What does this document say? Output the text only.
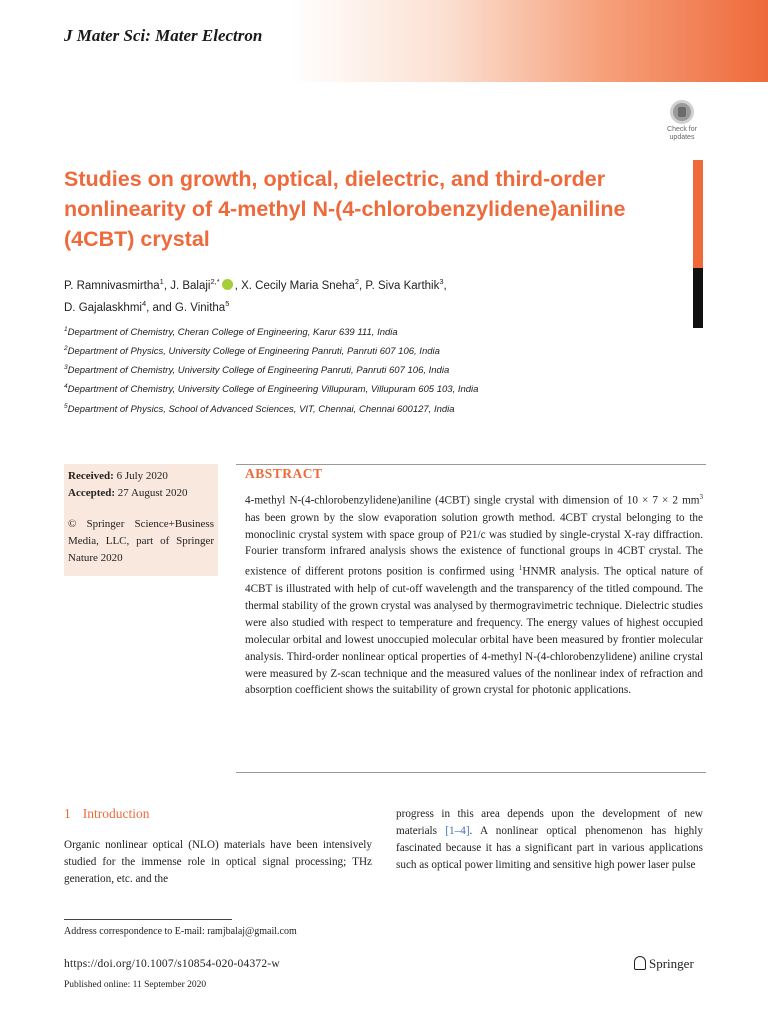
J Mater Sci: Mater Electron
Check for
updates
Studies on growth, optical, dielectric, and third-order nonlinearity of 4-methyl N-(4-chlorobenzylidene)aniline (4CBT) crystal
P. Ramnivasmirtha$^1$, J. Balaji$^{2,*}$ , X. Cecily Maria Sneha$^2$, P. Siva Karthik$^3$,
D. Gajalaskhmi$^4$, and G. Vinitha$^5$
$^1$Department of Chemistry, Cheran College of Engineering, Karur 639 111, India
$^2$Department of Physics, University College of Engineering Panruti, Panruti 607 106, India
$^3$Department of Chemistry, University College of Engineering Panruti, Panruti 607 106, India
$^4$Department of Chemistry, University College of Engineering Villupuram, Villupuram 605 103, India
$^5$Department of Physics, School of Advanced Sciences, VIT, Chennai, Chennai 600127, India
Received: 6 July 2020
Accepted: 27 August 2020
© Springer Science+Business Media, LLC, part of Springer Nature 2020
ABSTRACT
4-methyl N-(4-chlorobenzylidene)aniline (4CBT) single crystal with dimension of 10 × 7 × 2 $mm^3$ has been grown by the slow evaporation solution growth method. 4CBT crystal belonging to the monoclinic crystal system with space group of P21/c was studied by single-crystal X-ray diffraction. Fourier transform infrared analysis shows the existence of functional groups in 4CBT crystal. The existence of different protons position is confirmed using $^1$HNMR analysis. The optical nature of 4CBT is illustrated with help of cut-off wavelength and the transparency of the titled compound. The thermal stability of the grown crystal was analysed by thermogravimetric technique. Dielectric studies were also studied with respect to temperature and frequency. The energy values of highest occupied molecular orbital and lowest unoccupied molecular orbital have been measured by frontier molecular analysis. Third-order nonlinear optical properties of 4-methyl N-(4-chlorobenzylidene) aniline crystal were measured by Z-scan technique and the measured values of the nonlinear index of refraction and absorption coefficient shows the suitability of grown crystal for photonic applications.
1 Introduction
Organic nonlinear optical (NLO) materials have been intensively studied for the immense role in optical signal processing; THz generation, etc. and the
progress in this area depends upon the development of new materials [1–4]. A nonlinear optical phenomenon has highly fascinated because it has a significant part in various applications such as optical power limiting and sensitive high power laser pulse
Address correspondence to E-mail: ramjbalaj@gmail.com
https://doi.org/10.1007/s10854-020-04372-w
Published online: 11 September 2020
Springer
